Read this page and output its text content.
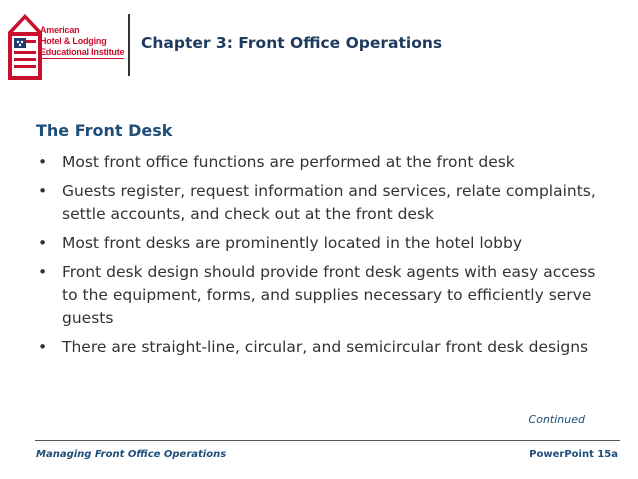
American
Hotel & Lodging
Educational Institute Chapter 3: Front Office Operations
The Front Desk
• Most front office functions are performed at the front desk
• Guests register, request information and services, relate complaints, settle accounts, and check out at the front desk
• Most front desks are prominently located in the hotel lobby
• Front desk design should provide front desk agents with easy access to the equipment, forms, and supplies necessary to efficiently serve guests
• There are straight-line, circular, and semicircular front desk designs
Continued
Managing Front Office Operations	PowerPoint 15a
